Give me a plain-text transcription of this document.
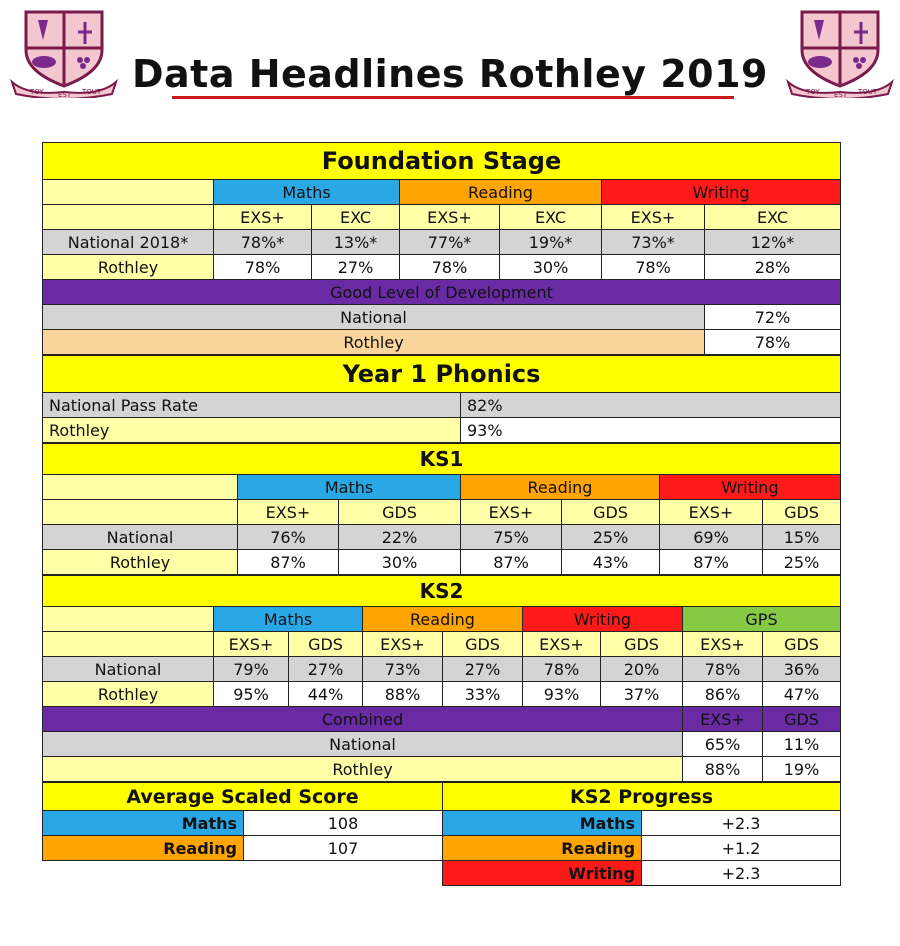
TOY EST TOUT	TOY EST TOUT
Data Headlines Rothley 2019
Foundation Stage						
	Maths		Reading		Writing	
	EXS+	EXC	EXS+	EXC	EXS+	EXC
National 2018*	78%*	13%*	77%*	19%*	73%*	12%*
Rothley	78%	27%	78%	30%	78%	28%
Good Level of Development						
National						72%
Rothley						78%
Year 1 Phonics	
National Pass Rate	82%
Rothley	93%
KS1						
	Maths		Reading		Writing	
	EXS+	GDS	EXS+	GDS	EXS+	GDS
National	76%	22%	75%	25%	69%	15%
Rothley	87%	30%	87%	43%	87%	25%
KS2								
	Maths		Reading		Writing		GPS	
	EXS+	GDS	EXS+	GDS	EXS+	GDS	EXS+	GDS
National	79%	27%	73%	27%	78%	20%	78%	36%
Rothley	95%	44%	88%	33%	93%	37%	86%	47%
Combined							EXS+	GDS
National							65%	11%
Rothley							88%	19%
Average Scaled Score		KS2 Progress	
Maths	108	Maths	+2.3
Reading	107	Reading	+1.2
		Writing	+2.3
